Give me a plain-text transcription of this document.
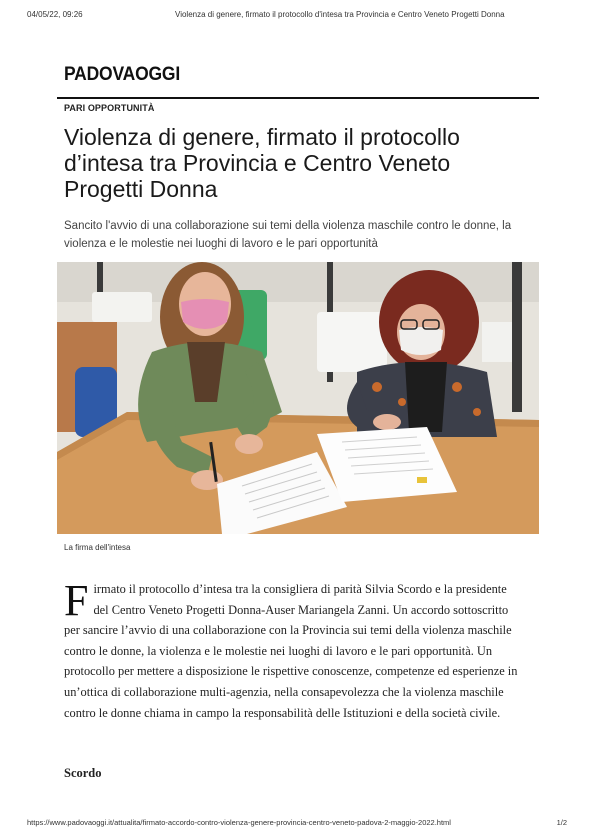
04/05/22, 09:26	Violenza di genere, firmato il protocollo d'intesa tra Provincia e Centro Veneto Progetti Donna
PADOVAOGGI
PARI OPPORTUNITÀ
Violenza di genere, firmato il protocollo d’intesa tra Provincia e Centro Veneto Progetti Donna

Sancito l'avvio di una collaborazione sui temi della violenza maschile contro le donne, la violenza e le molestie nei luoghi di lavoro e le pari opportunità

La firma dell'intesa

Firmato il protocollo d’intesa tra la consigliera di parità Silvia Scordo e la presidente del Centro Veneto Progetti Donna-Auser Mariangela Zanni. Un accordo sottoscritto per sancire l’avvio di una collaborazione con la Provincia sui temi della violenza maschile contro le donne, la violenza e le molestie nei luoghi di lavoro e le pari opportunità. Un protocollo per mettere a disposizione le rispettive conoscenze, competenze ed esperienze in un’ottica di collaborazione multi-agenzia, nella consapevolezza che la violenza maschile contro le donne chiama in campo la responsabilità delle Istituzioni e della società civile.

Scordo
https://www.padovaoggi.it/attualita/firmato-accordo-contro-violenza-genere-provincia-centro-veneto-padova-2-maggio-2022.html	1/2
